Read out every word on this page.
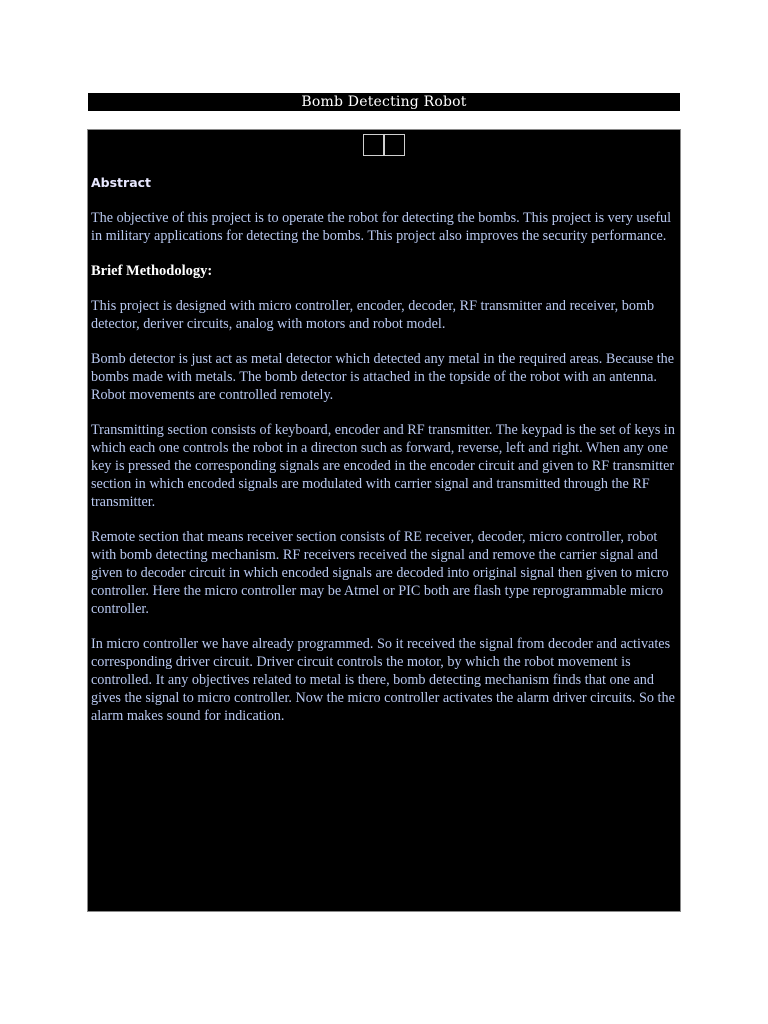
Bomb Detecting Robot

Abstract

The objective of this project is to operate the robot for detecting the bombs. This project is very useful in military applications for detecting the bombs. This project also improves the security performance.

Brief Methodology:

This project is designed with micro controller, encoder, decoder, RF transmitter and receiver, bomb detector, deriver circuits, analog with motors and robot model.

Bomb detector is just act as metal detector which detected any metal in the required areas. Because the bombs made with metals. The bomb detector is attached in the topside of the robot with an antenna. Robot movements are controlled remotely.

Transmitting section consists of keyboard, encoder and RF transmitter. The keypad is the set of keys in which each one controls the robot in a directon such as forward, reverse, left and right. When any one key is pressed the corresponding signals are encoded in the encoder circuit and given to RF transmitter section in which encoded signals are modulated with carrier signal and transmitted through the RF transmitter.

Remote section that means receiver section consists of RE receiver, decoder, micro controller, robot with bomb detecting mechanism. RF receivers received the signal and remove the carrier signal and given to decoder circuit in which encoded signals are decoded into original signal then given to micro controller. Here the micro controller may be Atmel or PIC both are flash type reprogrammable micro controller.

In micro controller we have already programmed. So it received the signal from decoder and activates corresponding driver circuit. Driver circuit controls the motor, by which the robot movement is controlled. It any objectives related to metal is there, bomb detecting mechanism finds that one and gives the signal to micro controller. Now the micro controller activates the alarm driver circuits. So the alarm makes sound for indication.
